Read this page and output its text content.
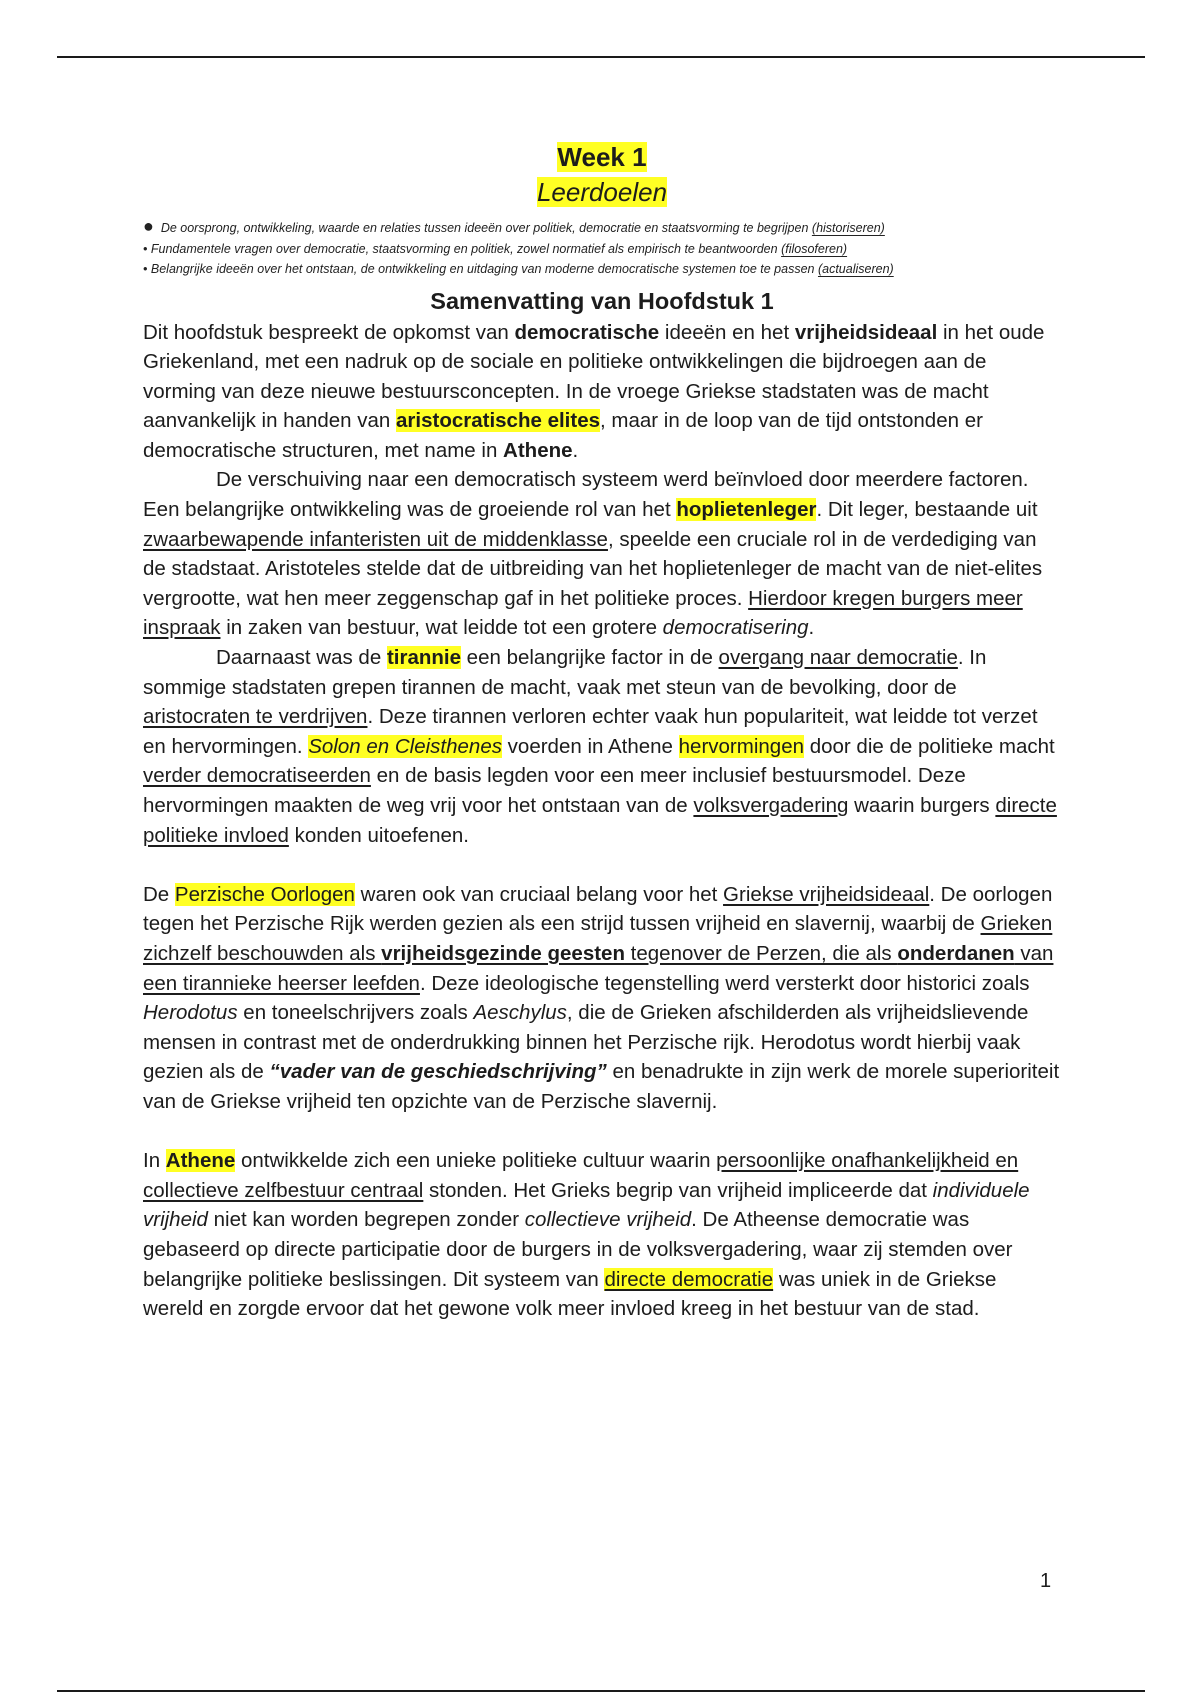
Week 1

Leerdoelen

● De oorsprong, ontwikkeling, waarde en relaties tussen ideeën over politiek, democratie en staatsvorming te begrijpen (historiseren)

• Fundamentele vragen over democratie, staatsvorming en politiek, zowel normatief als empirisch te beantwoorden (filosoferen)

• Belangrijke ideeën over het ontstaan, de ontwikkeling en uitdaging van moderne democratische systemen toe te passen (actualiseren)

Samenvatting van Hoofdstuk 1

Dit hoofdstuk bespreekt de opkomst van democratische ideeën en het vrijheidsideaal in het oude Griekenland, met een nadruk op de sociale en politieke ontwikkelingen die bijdroegen aan de vorming van deze nieuwe bestuursconcepten. In de vroege Griekse stadstaten was de macht aanvankelijk in handen van aristocratische elites, maar in de loop van de tijd ontstonden er democratische structuren, met name in Athene.

De verschuiving naar een democratisch systeem werd beïnvloed door meerdere factoren. Een belangrijke ontwikkeling was de groeiende rol van het hoplietenleger. Dit leger, bestaande uit zwaarbewapende infanteristen uit de middenklasse, speelde een cruciale rol in de verdediging van de stadstaat. Aristoteles stelde dat de uitbreiding van het hoplietenleger de macht van de niet-elites vergrootte, wat hen meer zeggenschap gaf in het politieke proces. Hierdoor kregen burgers meer inspraak in zaken van bestuur, wat leidde tot een grotere democratisering.

Daarnaast was de tirannie een belangrijke factor in de overgang naar democratie. In sommige stadstaten grepen tirannen de macht, vaak met steun van de bevolking, door de aristocraten te verdrijven. Deze tirannen verloren echter vaak hun populariteit, wat leidde tot verzet en hervormingen. Solon en Cleisthenes voerden in Athene hervormingen door die de politieke macht verder democratiseerden en de basis legden voor een meer inclusief bestuursmodel. Deze hervormingen maakten de weg vrij voor het ontstaan van de volksvergadering waarin burgers directe politieke invloed konden uitoefenen.

De Perzische Oorlogen waren ook van cruciaal belang voor het Griekse vrijheidsideaal. De oorlogen tegen het Perzische Rijk werden gezien als een strijd tussen vrijheid en slavernij, waarbij de Grieken zichzelf beschouwden als vrijheidsgezinde geesten tegenover de Perzen, die als onderdanen van een tirannieke heerser leefden. Deze ideologische tegenstelling werd versterkt door historici zoals Herodotus en toneelschrijvers zoals Aeschylus, die de Grieken afschilderden als vrijheidslievende mensen in contrast met de onderdrukking binnen het Perzische rijk. Herodotus wordt hierbij vaak gezien als de “vader van de geschiedschrijving” en benadrukte in zijn werk de morele superioriteit van de Griekse vrijheid ten opzichte van de Perzische slavernij.

In Athene ontwikkelde zich een unieke politieke cultuur waarin persoonlijke onafhankelijkheid en collectieve zelfbestuur centraal stonden. Het Grieks begrip van vrijheid impliceerde dat individuele vrijheid niet kan worden begrepen zonder collectieve vrijheid. De Atheense democratie was gebaseerd op directe participatie door de burgers in de volksvergadering, waar zij stemden over belangrijke politieke beslissingen. Dit systeem van directe democratie was uniek in de Griekse wereld en zorgde ervoor dat het gewone volk meer invloed kreeg in het bestuur van de stad.

1
